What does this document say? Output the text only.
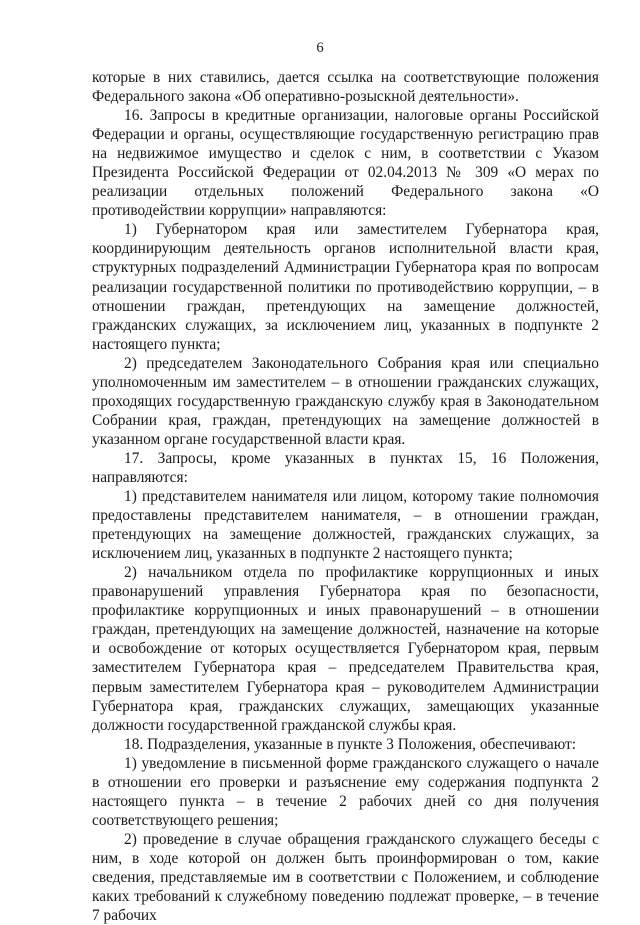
6

которые в них ставились, дается ссылка на соответствующие положения Федерального закона «Об оперативно-розыскной деятельности».

16. Запросы в кредитные организации, налоговые органы Российской Федерации и органы, осуществляющие государственную регистрацию прав на недвижимое имущество и сделок с ним, в соответствии с Указом Президента Российской Федерации от 02.04.2013 № 309 «О мерах по реализации отдельных положений Федерального закона «О противодействии коррупции» направляются:

1) Губернатором края или заместителем Губернатора края, координирующим деятельность органов исполнительной власти края, структурных подразделений Администрации Губернатора края по вопросам реализации государственной политики по противодействию коррупции, – в отношении граждан, претендующих на замещение должностей, гражданских служащих, за исключением лиц, указанных в подпункте 2 настоящего пункта;

2) председателем Законодательного Собрания края или специально уполномоченным им заместителем – в отношении гражданских служащих, проходящих государственную гражданскую службу края в Законодательном Собрании края, граждан, претендующих на замещение должностей в указанном органе государственной власти края.

17. Запросы, кроме указанных в пунктах 15, 16 Положения, направляются:

1) представителем нанимателя или лицом, которому такие полномочия предоставлены представителем нанимателя, – в отношении граждан, претендующих на замещение должностей, гражданских служащих, за исключением лиц, указанных в подпункте 2 настоящего пункта;

2) начальником отдела по профилактике коррупционных и иных правонарушений управления Губернатора края по безопасности, профилактике коррупционных и иных правонарушений – в отношении граждан, претендующих на замещение должностей, назначение на которые и освобождение от которых осуществляется Губернатором края, первым заместителем Губернатора края – председателем Правительства края, первым заместителем Губернатора края – руководителем Администрации Губернатора края, гражданских служащих, замещающих указанные должности государственной гражданской службы края.

18. Подразделения, указанные в пункте 3 Положения, обеспечивают:

1) уведомление в письменной форме гражданского служащего о начале в отношении его проверки и разъяснение ему содержания подпункта 2 настоящего пункта – в течение 2 рабочих дней со дня получения соответствующего решения;

2) проведение в случае обращения гражданского служащего беседы с ним, в ходе которой он должен быть проинформирован о том, какие сведения, представляемые им в соответствии с Положением, и соблюдение каких требований к служебному поведению подлежат проверке, – в течение 7 рабочих
